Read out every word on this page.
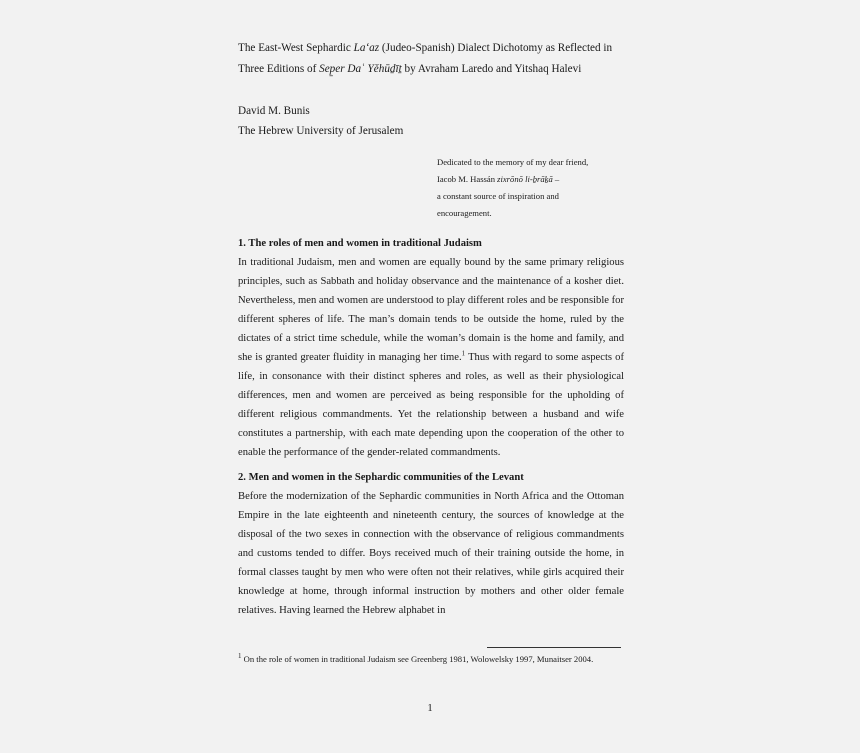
The East-West Sephardic La‘az (Judeo-Spanish) Dialect Dichotomy as Reflected in Three Editions of Sep̱er Daʿ Yĕhūḏīṯ by Avraham Laredo and Yitshaq Halevi
David M. Bunis
The Hebrew University of Jerusalem
Dedicated to the memory of my dear friend,
Iacob M. Hassán zixrōnō li-ḇrāḵā –
a constant source of inspiration and
encouragement.
1. The roles of men and women in traditional Judaism

In traditional Judaism, men and women are equally bound by the same primary religious principles, such as Sabbath and holiday observance and the maintenance of a kosher diet. Nevertheless, men and women are understood to play different roles and be responsible for different spheres of life. The man’s domain tends to be outside the home, ruled by the dictates of a strict time schedule, while the woman’s domain is the home and family, and she is granted greater fluidity in managing her time.$^1$ Thus with regard to some aspects of life, in consonance with their distinct spheres and roles, as well as their physiological differences, men and women are perceived as being responsible for the upholding of different religious commandments. Yet the relationship between a husband and wife constitutes a partnership, with each mate depending upon the cooperation of the other to enable the performance of the gender-related commandments.

2. Men and women in the Sephardic communities of the Levant

Before the modernization of the Sephardic communities in North Africa and the Ottoman Empire in the late eighteenth and nineteenth century, the sources of knowledge at the disposal of the two sexes in connection with the observance of religious commandments and customs tended to differ. Boys received much of their training outside the home, in formal classes taught by men who were often not their relatives, while girls acquired their knowledge at home, through informal instruction by mothers and other older female relatives. Having learned the Hebrew alphabet in

$^1$ On the role of women in traditional Judaism see Greenberg 1981, Wolowelsky 1997, Munaitser 2004.
1
